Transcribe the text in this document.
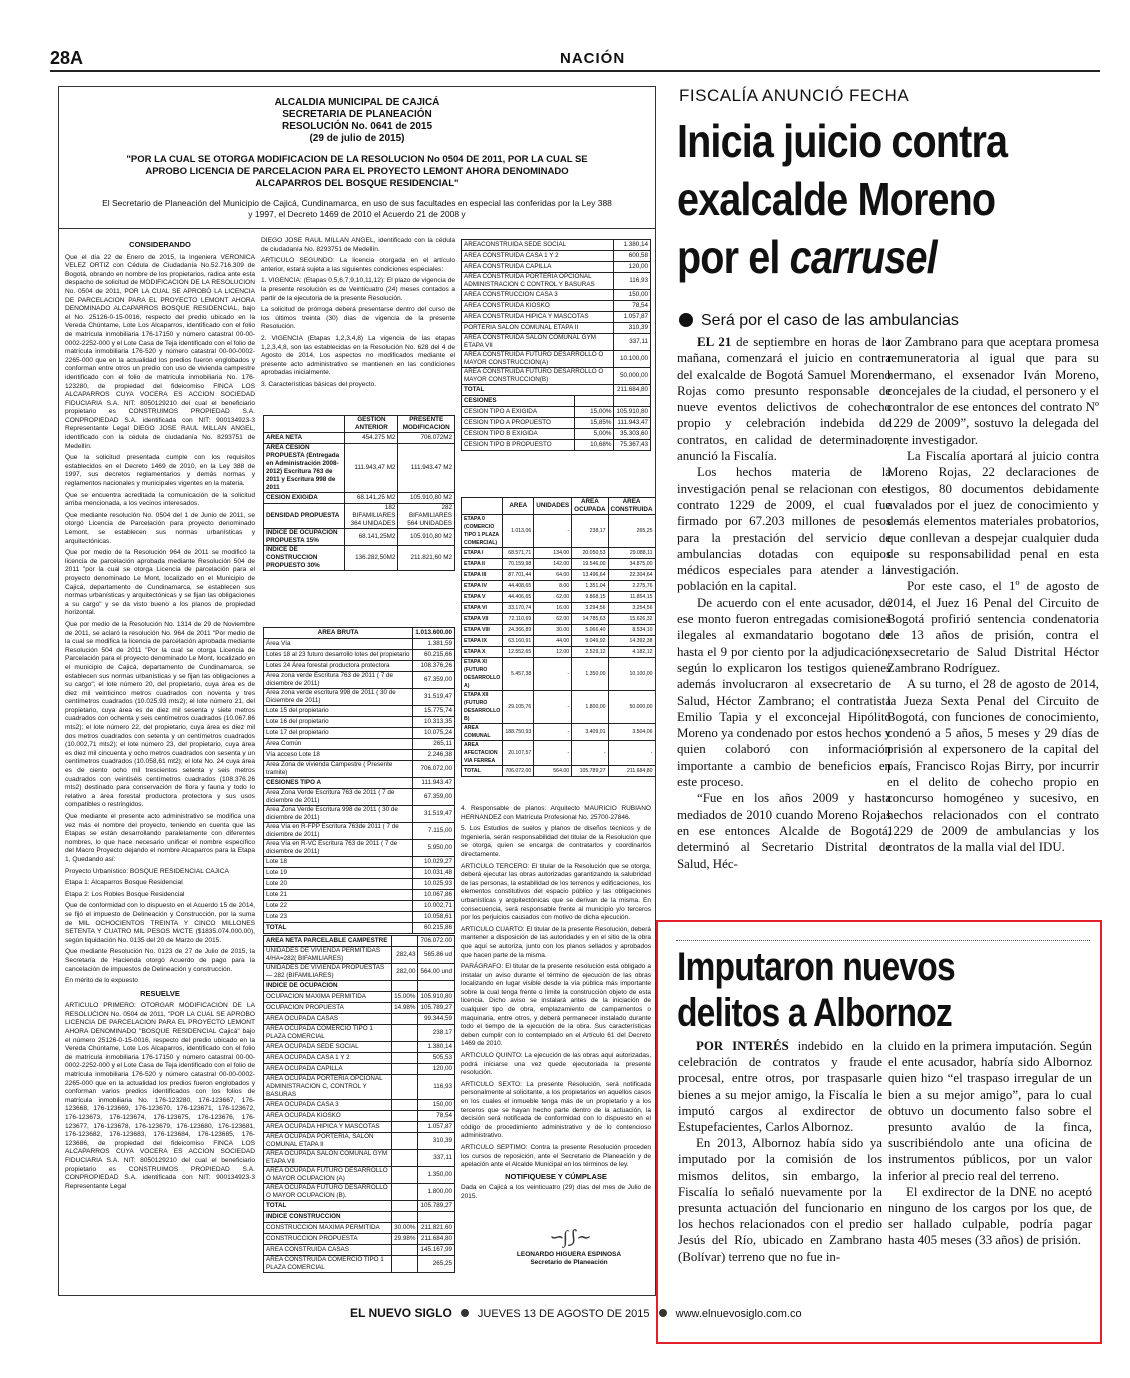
28A	NACIÓN
ALCALDIA MUNICIPAL DE CAJICÁ
SECRETARIA DE PLANEACIÓN
RESOLUCIÓN No. 0641 de 2015
(29 de julio de 2015)
"POR LA CUAL SE OTORGA MODIFICACION DE LA RESOLUCION No 0504 DE 2011, POR LA CUAL SE APROBO LICENCIA DE PARCELACION PARA EL PROYECTO LEMONT AHORA DENOMINADO ALCAPARROS DEL BOSQUE RESIDENCIAL"
El Secretario de Planeación del Municipio de Cajicá, Cundinamarca, en uso de sus facultades en especial las conferidas por la Ley 388 y 1997, el Decreto 1469 de 2010 el Acuerdo 21 de 2008 y
CONSIDERANDO

Que el día 22 de Enero de 2015, la Ingeniera VERONICA VELEZ ORTIZ con Cédula de Ciudadanía No.52.716.309 de Bogotá, obrando en nombre de los propietarios, radica ante esta despacho de solicitud de MODIFICACION DE LA RESOLUCION No. 0504 de 2011, POR LA CUAL SE APROBÓ LA LICENCIA DE PARCELACION PARA EL PROYECTO LEMONT AHORA DENOMINADO ALCAPARROS BOSQUE RESIDENCIAL, bajo el No. 25126-0-15-0016, respecto del predio ubicado en la Vereda Chúntame, Lote Los Alcaparros, identificado con el folio de matrícula inmobiliaria 176-17150 y número catastral 00-00-0002-2252-000 y el Lote Casa de Teja identificado con el folio de matrícula inmobiliaria 176-520 y número catastral 00-00-0002-2265-000 que en la actualidad los predios fueron englobados y conforman entre otros un predio con uso de vivienda campestre identificado con el folio de matrícula inmobiliaria No. 176-123280, de propiedad del fideicomiso FINCA LOS ALCAPARROS CUYA VOCERA ES ACCION SOCIEDAD FIDUCIARIA S.A. NIT: 8050129210 del cual el beneficiario propietario es CONSTRUIMOS PROPIEDAD S.A. CONPROPIEDAD S.A. identificada con NIT: 900134923-3 Representante Legal DIEGO JOSE RAUL MILLAN ANGEL, identificado con la cédula de ciudadanía No. 8293751 de Medellín.

Que la solicitud presentada cumple con los requisitos establecidos en el Decreto 1469 de 2010, en la Ley 388 de 1997, sus decretos reglamentarios y demás normas y reglamentos nacionales y municipales vigentes en la materia.

Que se encuentra acreditada la comunicación de la solicitud arriba mencionada, a los vecinos interesados.

Que mediante resolución No. 0504 del 1 de Junio de 2011, se otorgó Licencia de Parcelación para proyecto denominado Lemont, se establecen sus normas urbanísticas y arquitectónicas.

Que por medio de la Resolución 964 de 2011 se modificó la licencia de parcelación aprobada mediante Resolución 504 de 2011 "por la cual se otorga Licencia de parcelación para el proyecto denominado Le Mont, localizado en el Municipio de Cajicá, departamento de Cundinamarca, se establecen sus normas urbanísticas y arquitectónicas y se fijan las obligaciones a su cargo" y se da visto bueno a los planos de propiedad horizontal.

Que por medio de la Resolución No. 1314 de 29 de Noviembre de 2011, se aclaró la resolución No. 964 de 2011 "Por medio de la cual se modifica la licencia de parcelación aprobada mediante Resolución 504 de 2011 "Por la cual se otorga Licencia de Parcelación para el proyecto denominado Le Mont, localizado en el municipio de Cajicá, departamento de Cundinamarca, se establecen sus normas urbanísticas y se fijan las obligaciones a su cargo"; el lote número 20, del propietario, cuya área es de diez mil veinticinco metros cuadrados con noventa y tres centímetros cuadrados (10.025.93 mts2); el lote número 21, del propietario, cuya área es de diez mil sesenta y siete metros cuadrados con ochenta y seis centímetros cuadrados (10.067.86 mts2); el lote número 22, del propietario, cuya área es diez mil dos metros cuadrados con setenta y un centímetros cuadrados (10.002,71 mts2); el lote número 23, del propietario, cuya área es diez mil cincuenta y ocho metros cuadrados con sesenta y un centímetros cuadrados (10.058,61 mt2); el lote No. 24 cuya área es de ciento ocho mil trescientos setenta y seis metros cuadrados con veintiséis centímetros cuadrados (108.376.26 mts2) destinado para conservación de flora y fauna y todo lo relativo a área forestal productora protectora y sus usos compatibles o restringidos.

Que mediante el presente acto administrativo se modifica una vez más el nombre del proyecto, teniendo en cuenta que las Etapas se están desarrollando paralelamente con diferentes nombres, lo que hace necesario unificar el nombre específico del Macro Proyecto dejando el nombre Alcaparros para la Etapa 1, Quedando así:

Proyecto Urbanístico: BOSQUE RESIDENCIAL CAJICA

Etapa 1: Alcaparros Bosque Residencial

Etapa 2: Los Robles Bosque Residencial

Que de conformidad con lo dispuesto en el Acuerdo 15 de 2014, se fijó el impuesto de Delineación y Construcción, por la suma de MIL OCHOCIENTOS TREINTA Y CINCO MILLONES SETENTA Y CUATRO MIL PESOS M/CTE ($1835.074.000.00), según liquidación No. 0135 del 20 de Marzo de 2015.

Que mediante Resolución No. 0123 de 27 de Julio de 2015, la Secretaría de Hacienda otorgó Acuerdo de pago para la cancelación de impuestos de Delineación y construcción.

En mérito de lo expuesto

RESUELVE

ARTICULO PRIMERO: OTORGAR MODIFICACION DE LA RESOLUCION No. 0504 de 2011, "POR LA CUAL SE APROBO LICENCIA DE PARCELACION PARA EL PROYECTO LEMONT AHORA DENOMINADO "BOSQUE RESIDENCIAL Cajicá" bajo el número 25126-0-15-0016, respecto del predio ubicado en la Vereda Chúntame, Lote Los Alcaparros, identificado con el folio de matrícula inmobiliaria 176-17150 y número catastral 00-00-0002-2252-000 y el Lote Casa de Teja identificado con el folio de matrícula inmobiliaria 176-520 y número catastral 00-00-0002-2265-000 que en la actualidad los predios fueron englobados y conforman varios predios identificados con los folios de matrícula inmobiliaria No. 176-123280, 176-123667, 176-123668, 176-123669, 176-123670, 176-123671, 176-123672, 176-123673, 176-123674, 176-123675, 176-123676, 176-123677, 176-123678, 176-123679, 176-123680, 176-123681, 176-123682, 176-123683, 176-123684, 176-123685, 176-123686, de propiedad del fideicomiso FINCA LOS ALCAPARROS CUYA VOCERA ES ACCION SOCIEDAD FIDUCIARIA S.A. NIT: 8050129210 del cual el beneficiario propietario es CONSTRUIMOS PROPIEDAD S.A. CONPROPIEDAD S.A. identificada con NIT: 900134923-3 Representante Legal

DIEGO JOSE RAUL MILLAN ANGEL, identificado con la cédula de ciudadanía No. 8293751 de Medellín.

ARTICULO SEGUNDO: La licencia otorgada en el artículo anterior, estará sujeta a las siguientes condiciones especiales:

1. VIGENCIA: (Etapas 0,5,6,7,9,10,11,12): El plazo de vigencia de la presente resolución es de Veinticuatro (24) meses contados a partir de la ejecutoria de la presente Resolución.

La solicitud de prórroga deberá presentarse dentro del curso de los últimos treinta (30) días de vigencia de la presente Resolución.

2. VIGENCIA (Etapas 1,2,3,4,8) La vigencia de las etapas 1,2,3,4,8, son las establecidas en la Resolución No. 628 del 4 de Agosto de 2014, Los aspectos no modificados mediante el presente acto administrativo se mantienen en las condiciones aprobadas inicialmente.

3. Características básicas del proyecto.

	GESTION ANTERIOR	PRESENTE MODIFICACION
AREA NETA	454.275 M2	706.072M2
AREA CESION PROPUESTA (Entregada en Administración 2008-2012) Escritura 763 de 2011 y Escritura 998 de 2011	111.943,47 M2	111.943.47 M2
CESION EXIGIDA	68.141,25 M2	105.910,80 M2
DENSIDAD PROPUESTA	182 BIFAMILIARES 364 UNIDADES	282 BIFAMILIARES 564 UNIDADES
INDICE DE OCUPACION PROPUESTA 15%	68.141,25M2	105.910,80 M2
INDICE DE CONSTRUCCION PROPUESTO 30%	136.282,50M2	211.821,60 M2
AREA BRUTA	1.013.600.00
Área Vía	1.381,59
Lotes 18 al 23 futuro desarrollo lotes del propietario	60.215,66
Lotes 24 Área forestal productora protectora	108.376,26
Área zona verde Escritura 763 de 2011 ( 7 de diciembre de 2011)	67.359,00
Área zona verde escritura 998 de 2011 ( 30 de Diciembre de 2011)	31.519,47
Lote 15 del propietario	15.775,74
Lote 16 del propietario	10.313,35
Lote 17 del propietario	10.075,24
Área Común	265,11
Vía acceso Lote 18	2.246,38
Área Zona de vivienda Campestre ( Presente tramite)	706.072,00
CESIONES TIPO A	111.943.47
Área Zona Verde Escritura 763 de 2011 ( 7 de diciembre de 2011)	67.359,00
Área Zona Verde Escritura 998 de 2011 ( 30 de diciembre de 2011)	31.519,47
Área Vía en R-FPP Escritura 763de 2011 ( 7 de diciembre de 2011)	7.115,00
Área Vía en R-VC Escritura 763 de 2011 ( 7 de diciembre de 2011)	5.950,00
Lote 18	10.029,27
Lote 19	10.031,48
Lote 20	10.025,93
Lote 21	10.067,86
Lote 22	10.002,71
Lote 23	10.058,61
TOTAL	60.215,86
AREA NETA PARCELABLE CAMPESTRE		706.072.00
UNIDADES DE VIVIENDA PERMITIDAS 4/HA=282( BIFAMILIARES)	282,43	565.86 ud
UNIDADES DE VIVIENDA PROPUESTAS— 282 (BIFAMILIARES)	282,00	564.00 und
INDICE DE OCUPACION		
OCUPACION MAXIMA PERMITIDA	15.00%	105.910,80
OCUPACION PROPUESTA	14.98%	105.789,27
AREA OCUPADA CASAS		99.344,59
AREA OCUPADA COMERCIO TIPO 1 PLAZA COMERCIAL		238.17
AREA OCUPADA SEDE SOCIAL		1.380,14
AREA OCUPADA CASA 1 Y 2		505,53
AREA OCUPADA CAPILLA		120,00
AREA OCUPADA PORTERIA OPCIONAL ADMINISTRACION C, CONTROL Y BASURAS		116,93
AREA OCUPADA CASA 3		150,00
AREA OCUPADA KIOSKO		78,54
AREA OCUPADA HIPICA Y MASCOTAS		1.057,87
AREA OCUPADA PORTERIA, SALON COMUNAL ETAPA II		310,39
AREA OCUPADA SALON COMUNAL GYM ETAPA VII		337,11
AREA OCUPADA FUTURO DESARROLLO O MAYOR OCUPACION (A)		1.350,00
AREA OCUPADA FUTURO DESARROLLO O MAYOR OCUPACION (B).		1.800,00
TOTAL		105.789,27
INDICE CONSTRUCCION		
CONSTRUCCION MAXIMA PERMITIDA	30.00%	211.821.60
CONSTRUCCION PROPUESTA	29.98%	211.684,80
AREA CONSTRUIDA CASAS		145.167,99
AREA CONSTRUIDA COMERCIO TIPO 1 PLAZA COMERCIAL		265,25
AREACONSTRUIDA SEDE SOCIAL		1.380,14
AREA CONSTRUIDA CASA 1 Y 2		600,58
AREA CONSTRUIDA CAPILLA		120,00
AREA CONSTRUIDA PORTERIA OPCIONAL ADMINISTRACION C CONTROL Y BASURAS		116,93
AREA CONSTRUCCION CASA 3		150,00
AREA CONSTRUIDA KIOSKO		78,54
AREA CONSTRUIDA HIPICA Y MASCOTAS		1.057,87
PORTERIA SALON COMUNAL ETAPA II		310,39
AREA CONSTRUIDA SALON COMUNAL GYM ETAPA VII		337,11
AREA CONSTRUIDA FUTURO DESARROLLO O MAYOR CONSTRUCCION(A)		10.100,00
AREA CONSTRUIDA FUTURO DESARROLLO O MAYOR CONSTRUCCION(B)		50.000,00
TOTAL		211.684,80
CESIONES		
CESION TIPO A EXIGIDA	15,00%	105.910,80
CESION TIPO A PROPUESTO	15,85%	111.943,47
CESION TIPO B EXIGIDA	5,00%	35.303,60
CESION TIPO B PROPUESTO	10,68%	75.367,43
	AREA	UNIDADES	AREA OCUPADA	AREA CONSTRUIDA	
ETAPA 0 (COMERCIO TIPO 1 PLAZA COMERCIAL)	1.013,06	-	238,17	265,25	
ETAPA I	68.571,71	134.00	20.050,53	29.088,11	
ETAPA II	70.159,98	142.00	19.546,00	34.875,00	
ETAPA III	87.701,44	64.00	13.496,64	22.304,64	
ETAPA IV	44.408,65	8.00	1.351,04	2.275,76	
ETAPA V	44.406,65	62.00	9.868,15	11.854,15	
ETAPA VI	33.170,74	16.00	3.294,56	3.254,56	
ETAPA VII	72.110,69	62.00	14.785,63	15.626,32	
ETAPA VIII	24.366,89	30.00	5.066,40	8.534,10	
ETAPA IX	63.160,91	44.00	9.049,92	14.392,38	
ETAPA X	12.552,65	12.00	2.529,12	4.182,12	
ETAPA XI (FUTURO DESARROLLO A)	5.457,38	-	1.350,00	10.100,00	
ETAPA XII (FUTURO DESARROLLO B)	29.105,76	-	1.800,00	50.000,00	
AREA COMUNAL	188.750,93	-	3.409,01	3.504,06	
AREA AFECTACION VIA FERREA	20.107,57	-	-	-	
TOTAL	706.072,00	564.00	105.789,27	211.684,80	

4. Responsable de planos: Arquitecto MAURICIO RUBIANO HERNANDEZ con Matrícula Profesional No. 25700-27846.

5. Los Estudios de suelos y planos de diseños técnicos y de Ingeniería, serán responsabilidad del titular de la Resolución que se otorga, quien se encarga de contratarlos y coordinarlos directamente.

ARTICULO TERCERO: El titular de la Resolución que se otorga, deberá ejecutar las obras autorizadas garantizando la salubridad de las personas, la estabilidad de los terrenos y edificaciones, los elementos constitutivos del espacio público y las obligaciones urbanísticas y arquitectónicas que se derivan de la misma. En consecuencia, será responsable frente al municipio y/o terceros por los perjuicios causados con motivo de dicha ejecución.

ARTICULO CUARTO: El titular de la presente Resolución, deberá mantener a disposición de las autoridades y en el sitio de la obra que aquí se autoriza, junto con los planos sellados y aprobados que hacen parte de la misma.

PARÁGRAFO: El titular de la presente resolución está obligado a instalar un aviso durante el término de ejecución de las obras localizando en lugar visible desde la vía pública más importante sobre la cual tenga frente o límite la construcción objeto de esta licencia. Dicho aviso se instalará antes de la iniciación de cualquier tipo de obra, emplazamiento de campamentos o maquinaria, entre otros, y deberá permanecer instalado durante todo el tiempo de la ejecución de la obra. Sus características deben cumplir con lo contemplado en el Artículo 61 del Decreto 1469 de 2010.

ARTICULO QUINTO: La ejecución de las obras aquí autorizadas, podrá iniciarse una vez quede ejecutoriada la presente resolución.

ARTICULO SEXTO: La presente Resolución, será notificada personalmente al solicitante, a los propietarios en aquellos casos en los cuales el inmueble tenga más de un propietario y a los terceros que se hayan hecho parte dentro de la actuación, la decisión será notificada de conformidad con lo dispuesto en el código de procedimiento administrativo y de lo contencioso administrativo.

ARTICULO SEPTIMO: Contra la presente Resolución proceden los cursos de reposición, ante el Secretario de Planeación y de apelación ante el Alcalde Municipal en los términos de ley.

NOTIFIQUESE Y CÚMPLASE

Dada en Cajicá a los veinticuatro (29) días del mes de Julio de 2015.

∽∫⟆∼
LEONARDO HIGUERA ESPINOSA
Secretario de Planeación
FISCALÍA ANUNCIÓ FECHA
Inicia juicio contra
exalcalde Moreno
por el carrusel
Será por el caso de las ambulancias

EL 21 de septiembre en horas de la mañana, comenzará el juicio en contra del exalcalde de Bogotá Samuel Moreno Rojas como presunto responsable de nueve eventos delictivos de cohecho propio y celebración indebida de contratos, en calidad de determinador, anunció la Fiscalía.

Los hechos materia de la investigación penal se relacionan con el contrato 1229 de 2009, el cual fue firmado por 67.203 millones de pesos para la prestación del servicio de ambulancias dotadas con equipos médicos especiales para atender a la población en la capital.

De acuerdo con el ente acusador, de ese monto fueron entregadas comisiones ilegales al exmandatario bogotano de hasta el 9 por ciento por la adjudicación, según lo explicaron los testigos quienes además involucraron al exsecretario de Salud, Héctor Zambrano; el contratista Emilio Tapia y el exconcejal Hipólito Moreno ya condenado por estos hechos y quien colaboró con información importante a cambio de beneficios en este proceso.

“Fue en los años 2009 y hasta mediados de 2010 cuando Moreno Rojas en ese entonces Alcalde de Bogotá, determinó al Secretario Distrital de Salud, Héc-

tor Zambrano para que aceptara promesa remuneratoria al igual que para su hermano, el exsenador Iván Moreno, concejales de la ciudad, el personero y el contralor de ese entonces del contrato Nº 1229 de 2009”, sostuvo la delegada del ente investigador.

La Fiscalía aportará al juicio contra Moreno Rojas, 22 declaraciones de testigos, 80 documentos debidamente avalados por el juez de conocimiento y demás elementos materiales probatorios, que conllevan a despejar cualquier duda de su responsabilidad penal en esta investigación.

Por este caso, el 1º de agosto de 2014, el Juez 16 Penal del Circuito de Bogotá profirió sentencia condenatoria de 13 años de prisión, contra el exsecretario de Salud Distrital Héctor Zambrano Rodríguez.

A su turno, el 28 de agosto de 2014, la Jueza Sexta Penal del Circuito de Bogotá, con funciones de conocimiento, condenó a 5 años, 5 meses y 29 días de prisión al expersonero de la capital del país, Francisco Rojas Birry, por incurrir en el delito de cohecho propio en concurso homogéneo y sucesivo, en hechos relacionados con el contrato 1229 de 2009 de ambulancias y los contratos de la malla vial del IDU.

Imputaron nuevos
delitos a Albornoz

POR INTERÉS indebido en la celebración de contratos y fraude procesal, entre otros, por traspasarle bienes a su mejor amigo, la Fiscalía le imputó cargos al exdirector de Estupefacientes, Carlos Albornoz.

En 2013, Albornoz había sido ya imputado por la comisión de los mismos delitos, sin embargo, la Fiscalía lo señaló nuevamente por la presunta actuación del funcionario en los hechos relacionados con el predio Jesús del Río, ubicado en Zambrano (Bolívar) terreno que no fue in-

cluido en la primera imputación. Según el ente acusador, habría sido Albornoz quien hizo “el traspaso irregular de un bien a su mejor amigo”, para lo cual obtuvo un documento falso sobre el presunto avalúo de la finca, suscribiéndolo ante una oficina de instrumentos públicos, por un valor inferior al precio real del terreno.

El exdirector de la DNE no aceptó ninguno de los cargos por los que, de ser hallado culpable, podría pagar hasta 405 meses (33 años) de prisión.

EL NUEVO SIGLO JUEVES 13 DE AGOSTO DE 2015 www.elnuevosiglo.com.co
